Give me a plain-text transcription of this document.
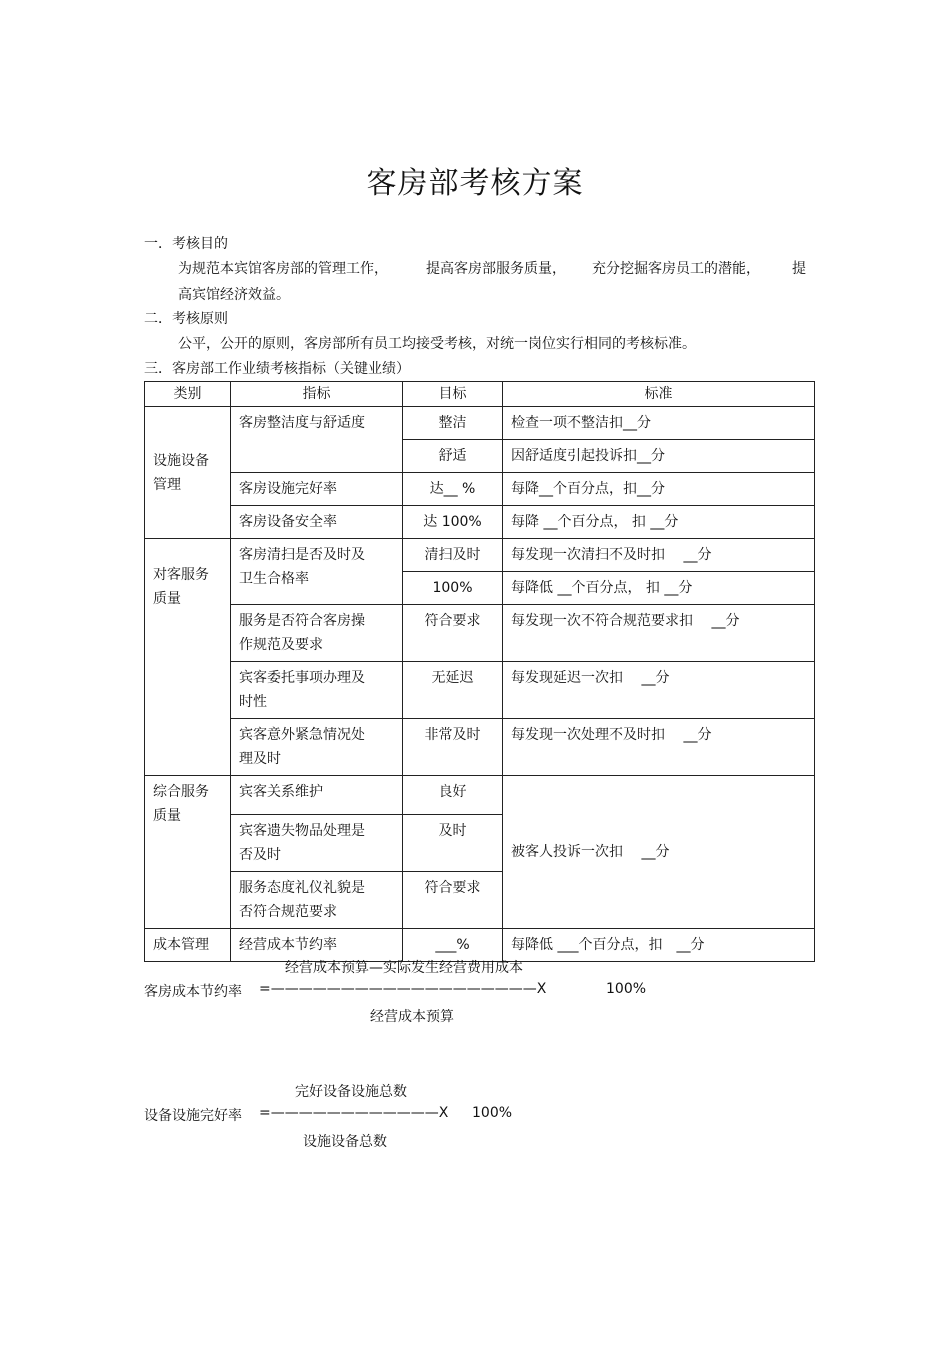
客房部考核方案
一．考核目的
为规范本宾馆客房部的管理工作，	提高客房部服务质量， 充分挖掘客房员工的潜能， 提
高宾馆经济效益。
二．考核原则
公平，公开的原则，客房部所有员工均接受考核，对统一岗位实行相同的考核标准。
三．客房部工作业绩考核指标（关键业绩）
类别	指标	目标	标准
设施设备
管理	客房整洁度与舒适度	整洁	检查一项不整洁扣__分
		舒适	因舒适度引起投诉扣__分
	客房设施完好率	达__ %	每降__个百分点，扣__分
	客房设备安全率	达 100%	每降 __个百分点， 扣 __分
对客服务
质量	客房清扫是否及时及
卫生合格率	清扫及时	每发现一次清扫不及时扣　 __分
		100%	每降低 __个百分点， 扣 __分
	服务是否符合客房操
作规范及要求	符合要求	每发现一次不符合规范要求扣　 __分
	宾客委托事项办理及
时性	无延迟	每发现延迟一次扣　 __分
	宾客意外紧急情况处
理及时	非常及时	每发现一次处理不及时扣　 __分
综合服务
质量	宾客关系维护	良好	被客人投诉一次扣　 __分
	宾客遗失物品处理是
否及时	及时	
	服务态度礼仪礼貌是
否符合规范要求	符合要求	
成本管理	经营成本节约率	___%	每降低 ___个百分点，扣　__分
经营成本预算—实际发生经营费用成本
客房成本节约率 =———————————————————X	100%
经营成本预算
完好设备设施总数
设备设施完好率 =————————————X 100%
设施设备总数
